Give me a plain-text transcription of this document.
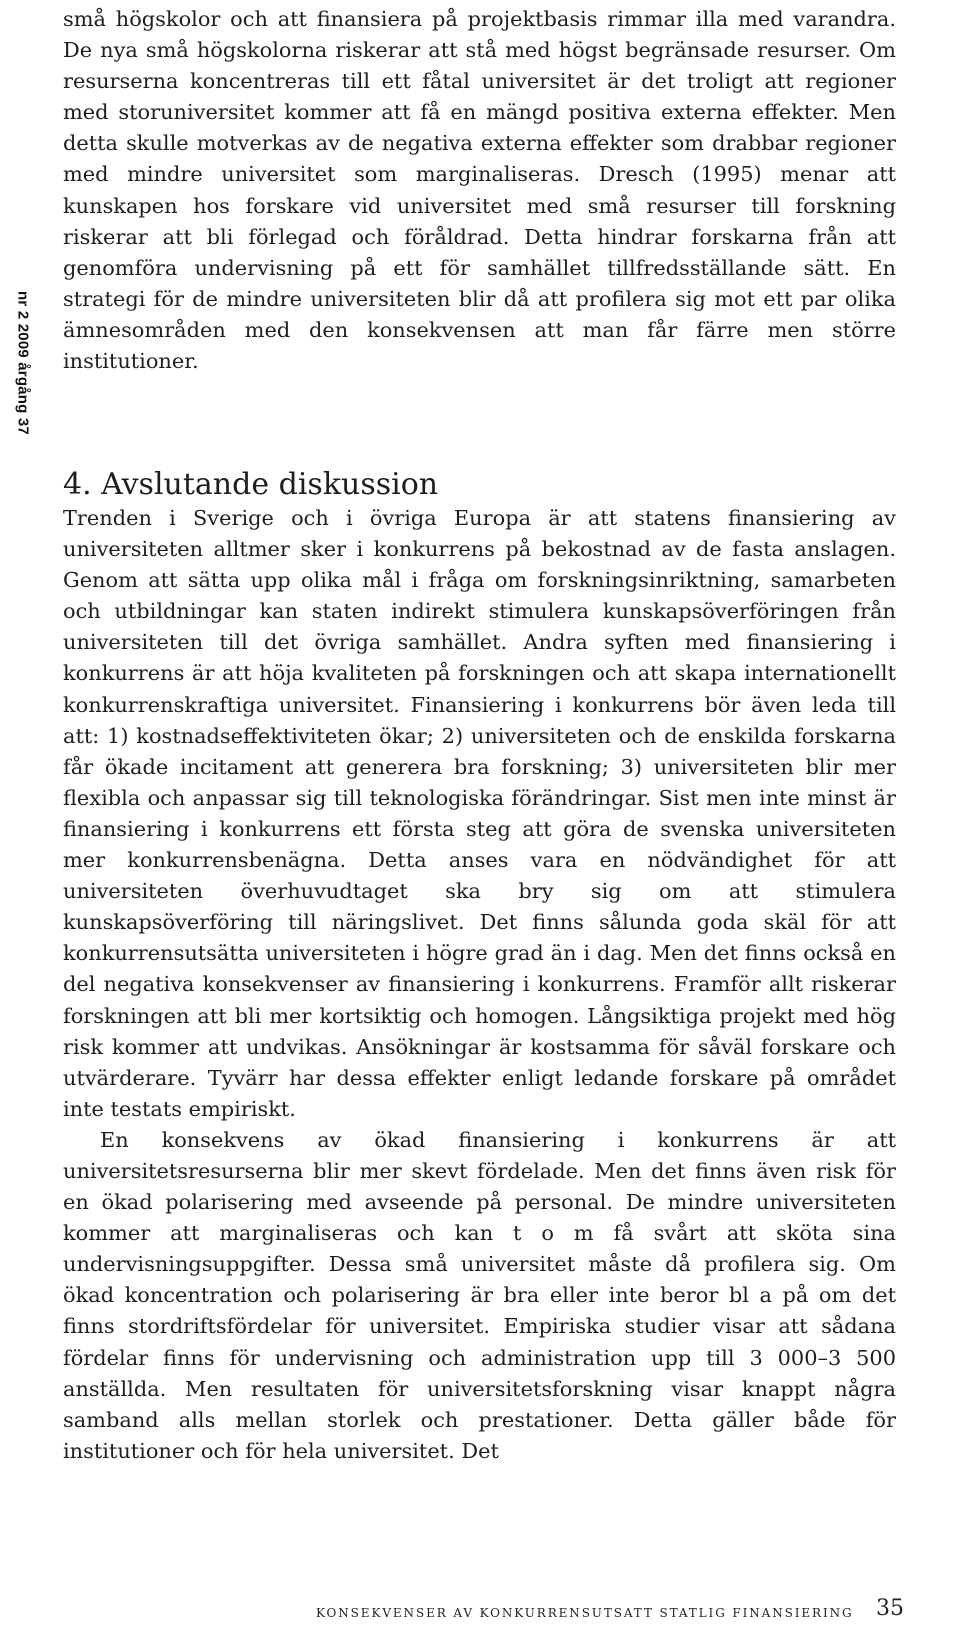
nr 2 2009 årgång 37

små högskolor och att finansiera på projektbasis rimmar illa med varandra. De nya små högskolorna riskerar att stå med högst begränsade resurser. Om resurserna koncentreras till ett fåtal universitet är det troligt att regioner med storuniversitet kommer att få en mängd positiva externa effekter. Men detta skulle motverkas av de negativa externa effekter som drabbar regioner med mindre universitet som marginaliseras. Dresch (1995) menar att kunskapen hos forskare vid universitet med små resurser till forskning riskerar att bli förlegad och föråldrad. Detta hindrar forskarna från att genomföra undervisning på ett för samhället tillfredsställande sätt. En strategi för de mindre universiteten blir då att profilera sig mot ett par olika ämnesområden med den konsekvensen att man får färre men större institutioner.

4. Avslutande diskussion

Trenden i Sverige och i övriga Europa är att statens finansiering av universiteten alltmer sker i konkurrens på bekostnad av de fasta anslagen. Genom att sätta upp olika mål i fråga om forskningsinriktning, samarbeten och utbildningar kan staten indirekt stimulera kunskapsöverföringen från universiteten till det övriga samhället. Andra syften med finansiering i konkurrens är att höja kvaliteten på forskningen och att skapa internationellt konkurrenskraftiga universitet. Finansiering i konkurrens bör även leda till att: 1) kostnadseffektiviteten ökar; 2) universiteten och de enskilda forskarna får ökade incitament att generera bra forskning; 3) universiteten blir mer flexibla och anpassar sig till teknologiska förändringar. Sist men inte minst är finansiering i konkurrens ett första steg att göra de svenska universiteten mer konkurrensbenägna. Detta anses vara en nödvändighet för att universiteten överhuvudtaget ska bry sig om att stimulera kunskapsöverföring till näringslivet. Det finns sålunda goda skäl för att konkurrensutsätta universiteten i högre grad än i dag. Men det finns också en del negativa konsekvenser av finansiering i konkurrens. Framför allt riskerar forskningen att bli mer kortsiktig och homogen. Långsiktiga projekt med hög risk kommer att undvikas. Ansökningar är kostsamma för såväl forskare och utvärderare. Tyvärr har dessa effekter enligt ledande forskare på området inte testats empiriskt.

En konsekvens av ökad finansiering i konkurrens är att universitetsresurserna blir mer skevt fördelade. Men det finns även risk för en ökad polarisering med avseende på personal. De mindre universiteten kommer att marginaliseras och kan t o m få svårt att sköta sina undervisningsuppgifter. Dessa små universitet måste då profilera sig. Om ökad koncentration och polarisering är bra eller inte beror bl a på om det finns stordriftsfördelar för universitet. Empiriska studier visar att sådana fördelar finns för undervisning och administration upp till 3 000–3 500 anställda. Men resultaten för universitetsforskning visar knappt några samband alls mellan storlek och prestationer. Detta gäller både för institutioner och för hela universitet. Det

KONSEKVENSER AV KONKURRENSUTSATT STATLIG FINANSIERING 35
